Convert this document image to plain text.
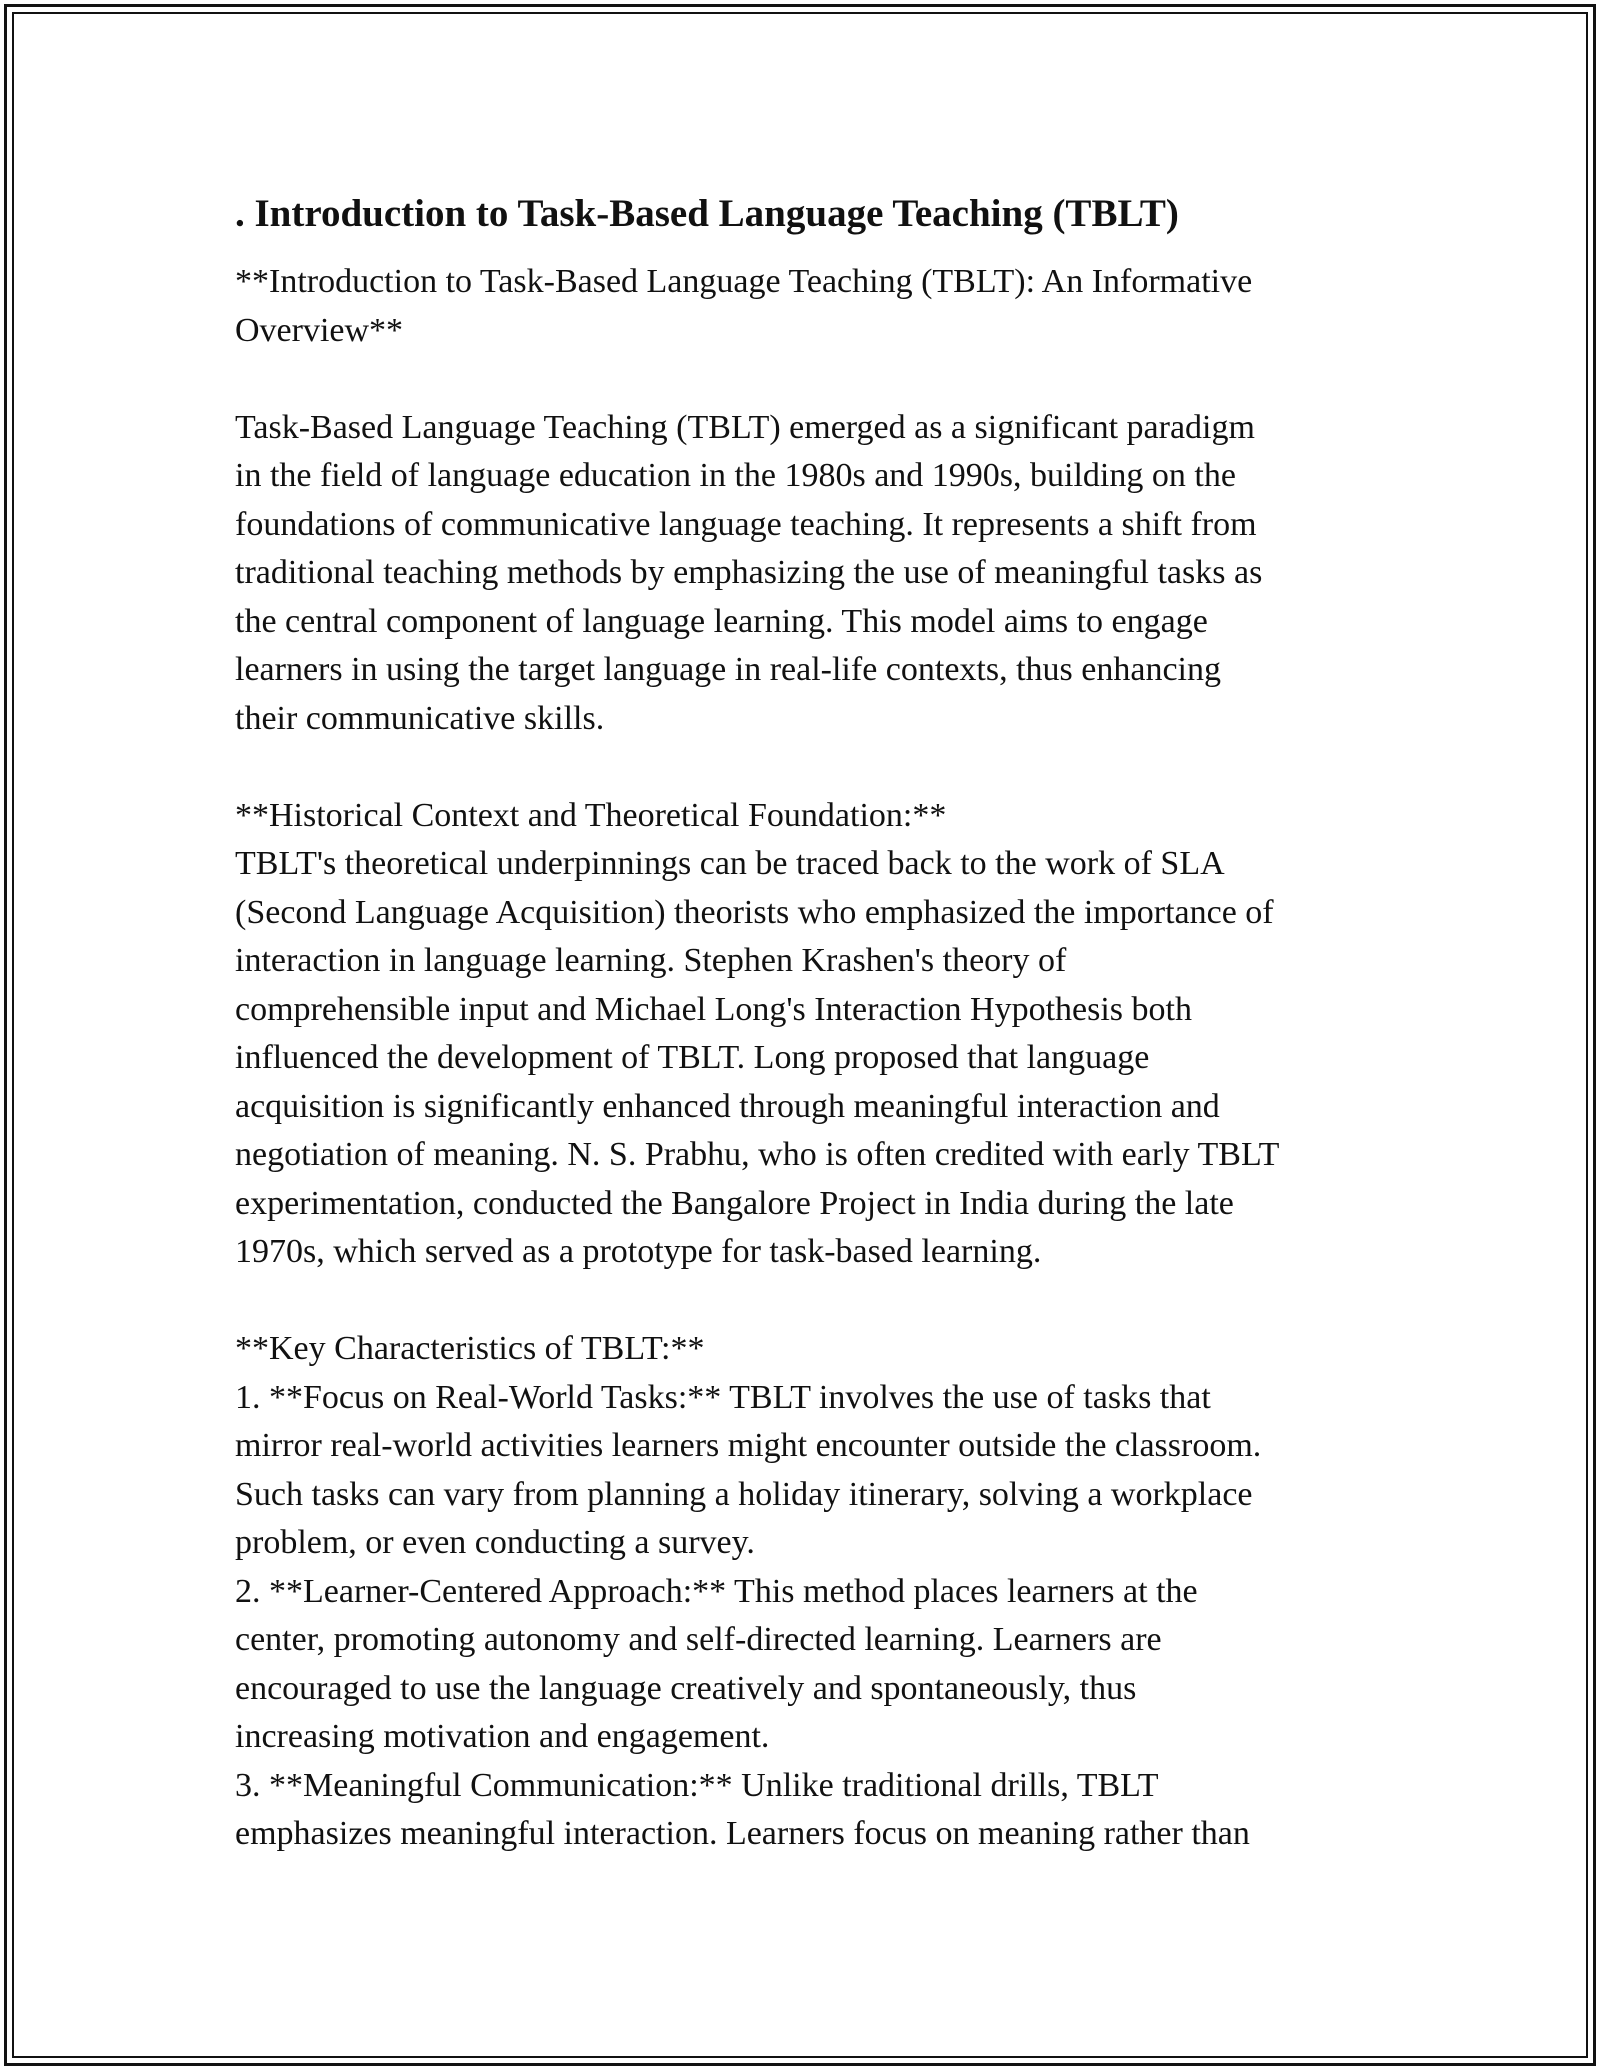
. Introduction to Task-Based Language Teaching (TBLT)

**Introduction to Task-Based Language Teaching (TBLT): An Informative
Overview**

Task-Based Language Teaching (TBLT) emerged as a significant paradigm
in the field of language education in the 1980s and 1990s, building on the
foundations of communicative language teaching. It represents a shift from
traditional teaching methods by emphasizing the use of meaningful tasks as
the central component of language learning. This model aims to engage
learners in using the target language in real-life contexts, thus enhancing
their communicative skills.

**Historical Context and Theoretical Foundation:**
TBLT's theoretical underpinnings can be traced back to the work of SLA
(Second Language Acquisition) theorists who emphasized the importance of
interaction in language learning. Stephen Krashen's theory of
comprehensible input and Michael Long's Interaction Hypothesis both
influenced the development of TBLT. Long proposed that language
acquisition is significantly enhanced through meaningful interaction and
negotiation of meaning. N. S. Prabhu, who is often credited with early TBLT
experimentation, conducted the Bangalore Project in India during the late
1970s, which served as a prototype for task-based learning.

**Key Characteristics of TBLT:**
1. **Focus on Real-World Tasks:** TBLT involves the use of tasks that
mirror real-world activities learners might encounter outside the classroom.
Such tasks can vary from planning a holiday itinerary, solving a workplace
problem, or even conducting a survey.
2. **Learner-Centered Approach:** This method places learners at the
center, promoting autonomy and self-directed learning. Learners are
encouraged to use the language creatively and spontaneously, thus
increasing motivation and engagement.
3. **Meaningful Communication:** Unlike traditional drills, TBLT
emphasizes meaningful interaction. Learners focus on meaning rather than
